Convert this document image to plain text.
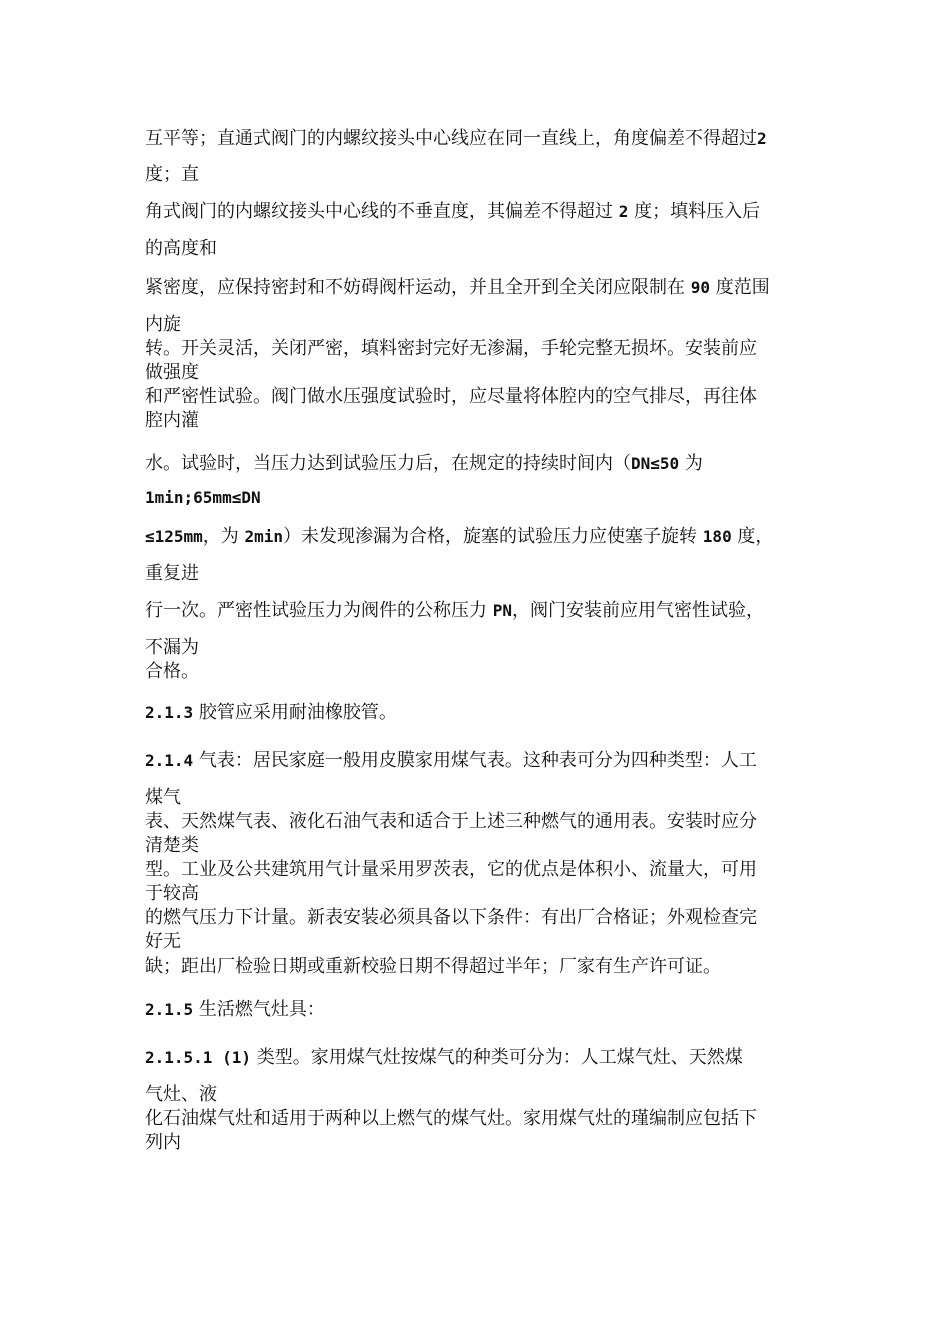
互平等；直通式阀门的内螺纹接头中心线应在同一直线上，角度偏差不得超过2
度；直
角式阀门的内螺纹接头中心线的不垂直度，其偏差不得超过 2 度；填料压入后
的高度和
紧密度，应保持密封和不妨碍阀杆运动，并且全开到全关闭应限制在 90 度范围
内旋
转。开关灵活，关闭严密，填料密封完好无渗漏，手轮完整无损坏。安装前应
做强度
和严密性试验。阀门做水压强度试验时，应尽量将体腔内的空气排尽，再往体
腔内灌
水。试验时，当压力达到试验压力后，在规定的持续时间内（DN≤50 为
1min;65mm≤DN
≤125mm，为 2min）未发现渗漏为合格，旋塞的试验压力应使塞子旋转 180 度，
重复进
行一次。严密性试验压力为阀件的公称压力 PN，阀门安装前应用气密性试验，
不漏为
合格。
2.1.3 胶管应采用耐油橡胶管。
2.1.4 气表：居民家庭一般用皮膜家用煤气表。这种表可分为四种类型：人工
煤气
表、天然煤气表、液化石油气表和适合于上述三种燃气的通用表。安装时应分
清楚类
型。工业及公共建筑用气计量采用罗茨表，它的优点是体积小、流量大，可用
于较高
的燃气压力下计量。新表安装必须具备以下条件：有出厂合格证；外观检查完
好无
缺；距出厂检验日期或重新校验日期不得超过半年；厂家有生产许可证。
2.1.5 生活燃气灶具：
2.1.5.1 (1) 类型。家用煤气灶按煤气的种类可分为：人工煤气灶、天然煤
气灶、液
化石油煤气灶和适用于两种以上燃气的煤气灶。家用煤气灶的瑾编制应包括下
列内
